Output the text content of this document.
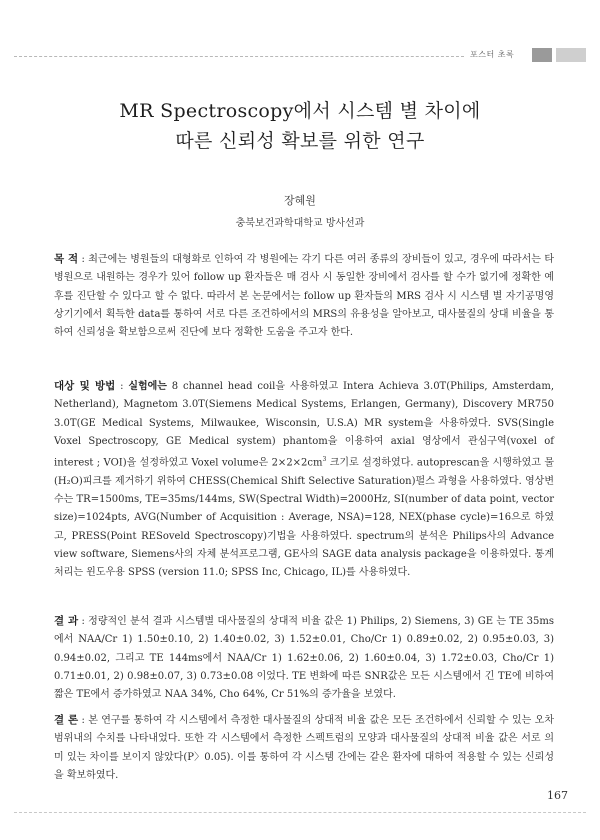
포스터 초록
MR Spectroscopy에서 시스템 별 차이에
따른 신뢰성 확보를 위한 연구
장혜원
충북보건과학대학교 방사선과
목 적 : 최근에는 병원들의 대형화로 인하여 각 병원에는 각기 다른 여러 종류의 장비들이 있고, 경우에 따라서는 타 병원으로 내원하는 경우가 있어 follow up 환자들은 매 검사 시 동일한 장비에서 검사를 할 수가 없기에 정확한 예후를 진단할 수 있다고 할 수 없다. 따라서 본 논문에서는 follow up 환자들의 MRS 검사 시 시스템 별 자기공명영상기기에서 획득한 data를 통하여 서로 다른 조건하에서의 MRS의 유용성을 알아보고, 대사물질의 상대 비율을 통하여 신뢰성을 확보함으로써 진단에 보다 정확한 도움을 주고자 한다.
대상 및 방법 : 실험에는 8 channel head coil을 사용하였고 Intera Achieva 3.0T(Philips, Amsterdam, Netherland), Magnetom 3.0T(Siemens Medical Systems, Erlangen, Germany), Discovery MR750 3.0T(GE Medical Systems, Milwaukee, Wisconsin, U.S.A) MR system을 사용하였다. SVS(Single Voxel Spectroscopy, GE Medical system) phantom을 이용하여 axial 영상에서 관심구역(voxel of interest ; VOI)을 설정하였고 Voxel volume은 $2\times 2\times 2cm^3$ 크기로 설정하였다. autoprescan을 시행하였고 물(H₂O)피크를 제거하기 위하여 CHESS(Chemical Shift Selective Saturation)펄스 과형을 사용하였다. 영상변수는 TR=1500ms, TE=35ms/144ms, SW(Spectral Width)=2000Hz, SI(number of data point, vector size)=1024pts, AVG(Number of Acquisition : Average, NSA)=128, NEX(phase cycle)=16으로 하였고, PRESS(Point RESoveld Spectroscopy)기법을 사용하였다. spectrum의 분석은 Philips사의 Advance view software, Siemens사의 자체 분석프로그램, GE사의 SAGE data analysis package을 이용하였다. 통계처리는 윈도우용 SPSS (version 11.0; SPSS Inc, Chicago, IL)를 사용하였다.
결 과 : 정량적인 분석 결과 시스템별 대사물질의 상대적 비율 값은 1) Philips, 2) Siemens, 3) GE 는 TE 35ms에서 NAA/Cr 1) 1.50±0.10, 2) 1.40±0.02, 3) 1.52±0.01, Cho/Cr 1) 0.89±0.02, 2) 0.95±0.03, 3) 0.94±0.02, 그리고 TE 144ms에서 NAA/Cr 1) 1.62±0.06, 2) 1.60±0.04, 3) 1.72±0.03, Cho/Cr 1) 0.71±0.01, 2) 0.98±0.07, 3) 0.73±0.08 이었다. TE 변화에 따른 SNR값은 모든 시스템에서 긴 TE에 비하여 짧은 TE에서 증가하였고 NAA 34%, Cho 64%, Cr 51%의 증가율을 보였다.
결 론 : 본 연구를 통하여 각 시스템에서 측정한 대사물질의 상대적 비율 값은 모든 조건하에서 신뢰할 수 있는 오차범위내의 수치를 나타내었다. 또한 각 시스템에서 측정한 스펙트럼의 모양과 대사물질의 상대적 비율 값은 서로 의미 있는 차이를 보이지 않았다(P〉0.05). 이를 통하여 각 시스템 간에는 같은 환자에 대하여 적용할 수 있는 신뢰성을 확보하였다.
167
